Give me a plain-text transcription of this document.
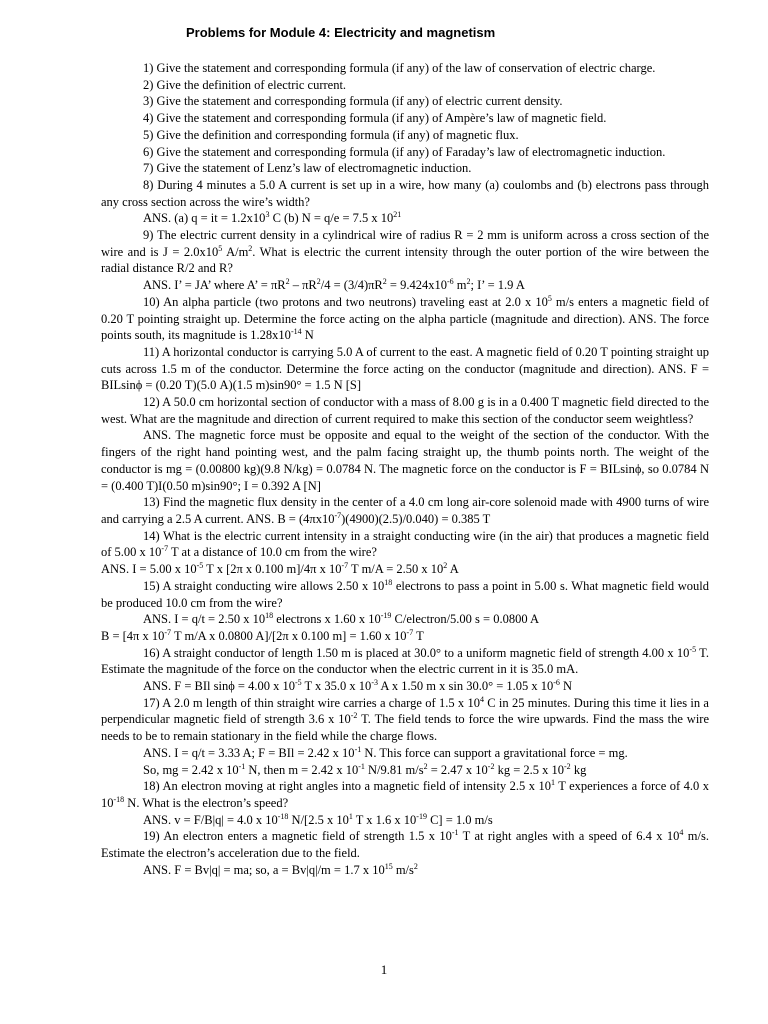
Problems for Module 4: Electricity and magnetism

1) Give the statement and corresponding formula (if any) of the law of conservation of electric charge.

2) Give the definition of electric current.

3) Give the statement and corresponding formula (if any) of electric current density.

4) Give the statement and corresponding formula (if any) of Ampère’s law of magnetic field.

5) Give the definition and corresponding formula (if any) of magnetic flux.

6) Give the statement and corresponding formula (if any) of Faraday’s law of electromagnetic induction.

7) Give the statement of Lenz’s law of electromagnetic induction.

8) During 4 minutes a 5.0 A current is set up in a wire, how many (a) coulombs and (b) electrons pass through any cross section across the wire’s width?

ANS. (a) q = it = $1.2x10^3$ C (b) N = q/e = 7.5 x $10^{21}$

9) The electric current density in a cylindrical wire of radius R = 2 mm is uniform across a cross section of the wire and is $J = 2.0x10^5$ $A/m^2$. What is electric the current intensity through the outer portion of the wire between the radial distance R/2 and R?

ANS. I’ = JA’ where A’ = $\pi R^2 - \pi R^2/4 = (3/4)\pi R^2 = 9.424x10^{-6}$ $m^2$; I’ = 1.9 A

10) An alpha particle (two protons and two neutrons) traveling east at 2.0 x $10^5$ m/s enters a magnetic field of 0.20 T pointing straight up. Determine the force acting on the alpha particle (magnitude and direction). ANS. The force points south, its magnitude is $1.28x10^{-14}$ N

11) A horizontal conductor is carrying 5.0 A of current to the east. A magnetic field of 0.20 T pointing straight up cuts across 1.5 m of the conductor. Determine the force acting on the conductor (magnitude and direction). ANS. F = BILsinϕ = (0.20 T)(5.0 A)(1.5 m)sin90° = 1.5 N [S]

12) A 50.0 cm horizontal section of conductor with a mass of 8.00 g is in a 0.400 T magnetic field directed to the west. What are the magnitude and direction of current required to make this section of the conductor seem weightless?

ANS. The magnetic force must be opposite and equal to the weight of the section of the conductor. With the fingers of the right hand pointing west, and the palm facing straight up, the thumb points north. The weight of the conductor is mg = (0.00800 kg)(9.8 N/kg) = 0.0784 N. The magnetic force on the conductor is F = BILsinϕ, so 0.0784 N = (0.400 T)I(0.50 m)sin90°; I = 0.392 A [N]

13) Find the magnetic flux density in the center of a 4.0 cm long air-core solenoid made with 4900 turns of wire and carrying a 2.5 A current. ANS. $B = (4\pi x10^{-7})(4900)(2.5)/0.040) = 0.385$ T

14) What is the electric current intensity in a straight conducting wire (in the air) that produces a magnetic field of 5.00 x $10^{-7}$ T at a distance of 10.0 cm from the wire?

ANS. I = 5.00 x $10^{-5}$ T x [2π x 0.100 m]/4π x $10^{-7}$ T m/A = 2.50 x $10^2$ A

15) A straight conducting wire allows 2.50 x $10^{18}$ electrons to pass a point in 5.00 s. What magnetic field would be produced 10.0 cm from the wire?

ANS. I = q/t = 2.50 x $10^{18}$ electrons x 1.60 x $10^{-19}$ C/electron/5.00 s = 0.0800 A

B = [4π x $10^{-7}$ T m/A x 0.0800 A]/[2π x 0.100 m] = 1.60 x $10^{-7}$ T

16) A straight conductor of length 1.50 m is placed at 30.0° to a uniform magnetic field of strength 4.00 x $10^{-5}$ T. Estimate the magnitude of the force on the conductor when the electric current in it is 35.0 mA.

ANS. F = BIl sinϕ = 4.00 x $10^{-5}$ T x 35.0 x $10^{-3}$ A x 1.50 m x sin 30.0° = 1.05 x $10^{-6}$ N

17) A 2.0 m length of thin straight wire carries a charge of 1.5 x $10^4$ C in 25 minutes. During this time it lies in a perpendicular magnetic field of strength 3.6 x $10^{-2}$ T. The field tends to force the wire upwards. Find the mass the wire needs to be to remain stationary in the field while the charge flows.

ANS. I = q/t = 3.33 A; F = BIl = 2.42 x $10^{-1}$ N. This force can support a gravitational force = mg.

So, mg = 2.42 x $10^{-1}$ N, then m = 2.42 x $10^{-1}$ N/9.81 $m/s^2 = 2.47$ x $10^{-2}$ kg = 2.5 x $10^{-2}$ kg

18) An electron moving at right angles into a magnetic field of intensity 2.5 x $10^1$ T experiences a force of 4.0 x $10^{-18}$ N. What is the electron’s speed?

ANS. v = F/B|q| = 4.0 x $10^{-18}$ N/[2.5 x $10^1$ T x 1.6 x $10^{-19}$ C] = 1.0 m/s

19) An electron enters a magnetic field of strength 1.5 x $10^{-1}$ T at right angles with a speed of 6.4 x $10^4$ m/s. Estimate the electron’s acceleration due to the field.

ANS. F = Bv|q| = ma; so, a = Bv|q|/m = 1.7 x $10^{15}$ $m/s^2$

1
